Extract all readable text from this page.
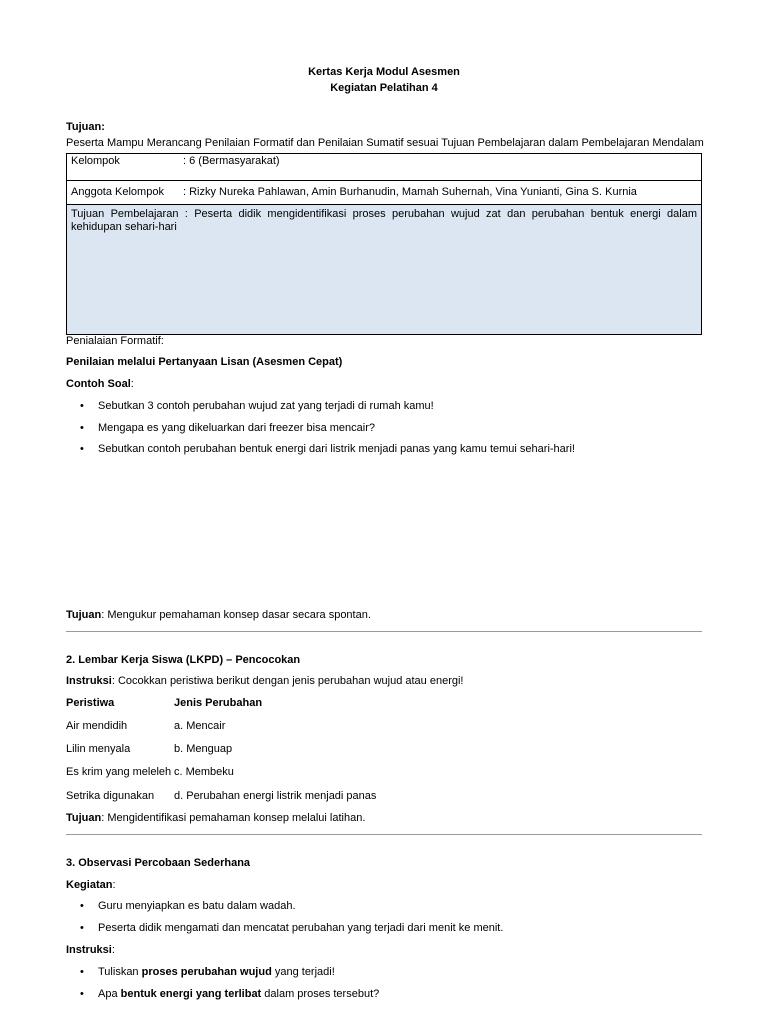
Kertas Kerja Modul Asesmen
Kegiatan Pelatihan 4
Tujuan:
Peserta Mampu Merancang Penilaian Formatif dan Penilaian Sumatif sesuai Tujuan Pembelajaran dalam Pembelajaran Mendalam
Kelompok	: 6 (Bermasyarakat)
Anggota Kelompok : Rizky Nureka Pahlawan, Amin Burhanudin, Mamah Suhernah, Vina Yunianti, Gina S. Kurnia
Tujuan Pembelajaran : Peserta didik mengidentifikasi proses perubahan wujud zat dan perubahan bentuk energi dalam
kehidupan sehari-hari
Penialaian Formatif:
Penilaian melalui Pertanyaan Lisan (Asesmen Cepat)
Contoh Soal:
• Sebutkan 3 contoh perubahan wujud zat yang terjadi di rumah kamu!
• Mengapa es yang dikeluarkan dari freezer bisa mencair?
• Sebutkan contoh perubahan bentuk energi dari listrik menjadi panas yang kamu temui sehari-hari!
Tujuan: Mengukur pemahaman konsep dasar secara spontan.
2. Lembar Kerja Siswa (LKPD) – Pencocokan
Instruksi: Cocokkan peristiwa berikut dengan jenis perubahan wujud atau energi!
Peristiwa	Jenis Perubahan
Air mendidih	a. Mencair
Lilin menyala	b. Menguap
Es krim yang meleleh c. Membeku
Setrika digunakan d. Perubahan energi listrik menjadi panas
Tujuan: Mengidentifikasi pemahaman konsep melalui latihan.
3. Observasi Percobaan Sederhana
Kegiatan:
• Guru menyiapkan es batu dalam wadah.
• Peserta didik mengamati dan mencatat perubahan yang terjadi dari menit ke menit.
Instruksi:
• Tuliskan proses perubahan wujud yang terjadi!
• Apa bentuk energi yang terlibat dalam proses tersebut?
